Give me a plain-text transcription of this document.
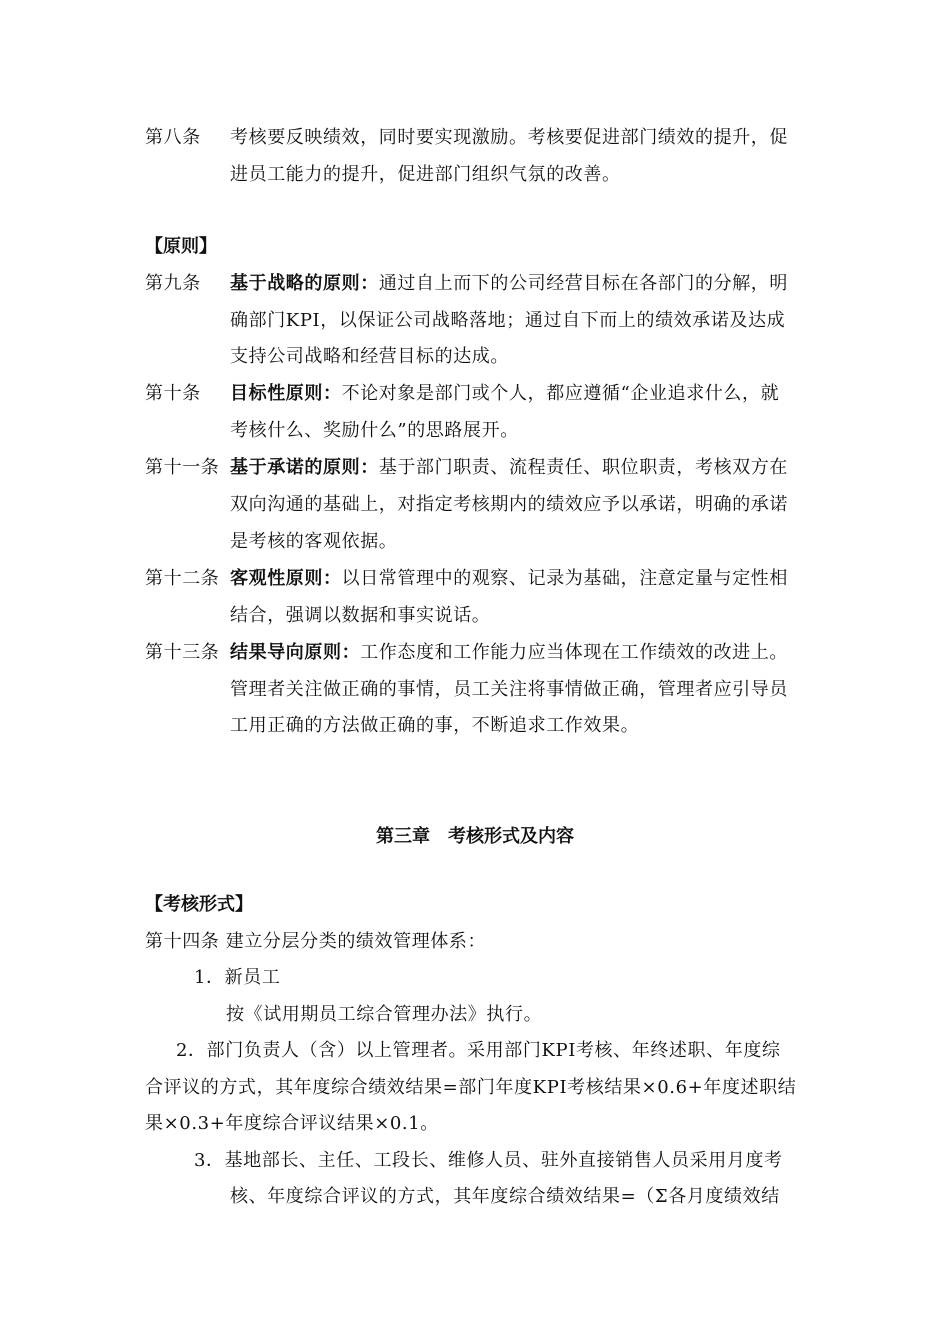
第八条 考核要反映绩效，同时要实现激励。考核要促进部门绩效的提升，促
进员工能力的提升，促进部门组织气氛的改善。
【原则】
第九条 基于战略的原则：通过自上而下的公司经营目标在各部门的分解，明
确部门KPI，以保证公司战略落地；通过自下而上的绩效承诺及达成
支持公司战略和经营目标的达成。
第十条 目标性原则：不论对象是部门或个人，都应遵循“企业追求什么，就
考核什么、奖励什么”的思路展开。
第十一条 基于承诺的原则：基于部门职责、流程责任、职位职责，考核双方在
双向沟通的基础上，对指定考核期内的绩效应予以承诺，明确的承诺
是考核的客观依据。
第十二条 客观性原则：以日常管理中的观察、记录为基础，注意定量与定性相
结合，强调以数据和事实说话。
第十三条 结果导向原则：工作态度和工作能力应当体现在工作绩效的改进上。
管理者关注做正确的事情，员工关注将事情做正确，管理者应引导员
工用正确的方法做正确的事，不断追求工作效果。
第三章　考核形式及内容
【考核形式】
第十四条 建立分层分类的绩效管理体系：
1．新员工
按《试用期员工综合管理办法》执行。
2．部门负责人（含）以上管理者。采用部门KPI考核、年终述职、年度综
合评议的方式，其年度综合绩效结果=部门年度KPI考核结果×0.6+年度述职结
果×0.3+年度综合评议结果×0.1。
3．基地部长、主任、工段长、维修人员、驻外直接销售人员采用月度考
核、年度综合评议的方式，其年度综合绩效结果=（Σ各月度绩效结
